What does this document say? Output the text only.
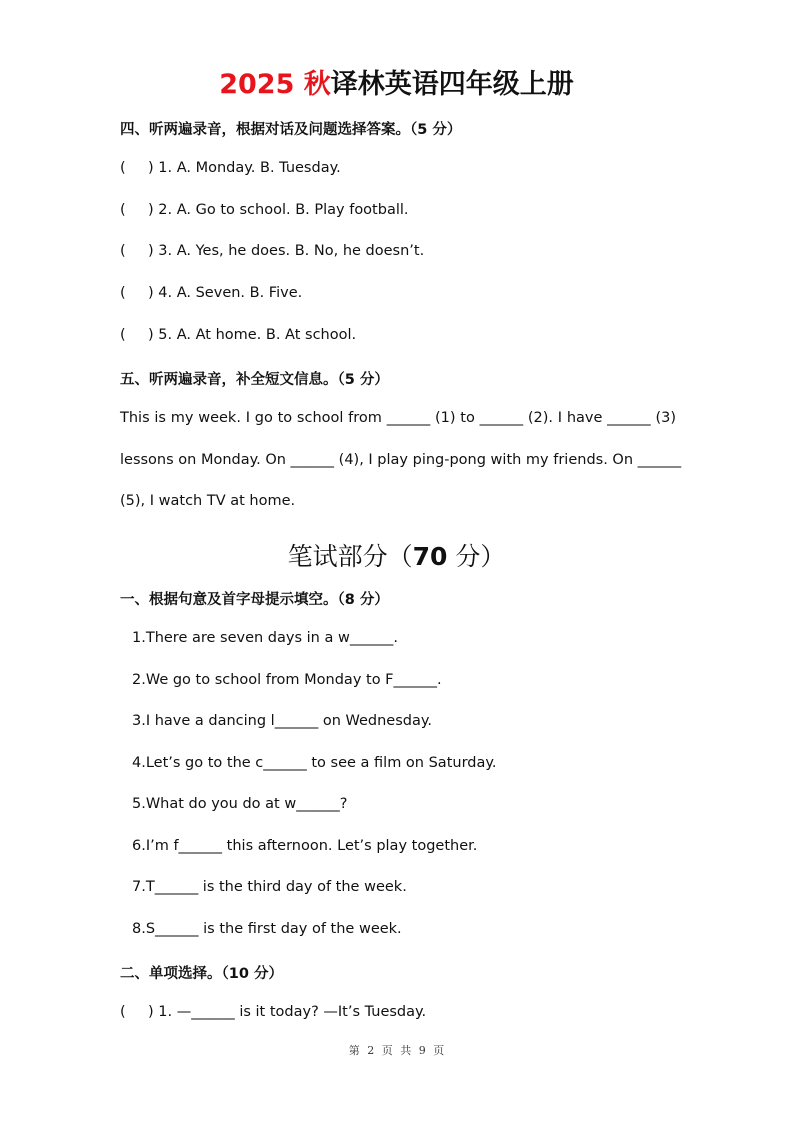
2025 秋译林英语四年级上册
四、听两遍录音，根据对话及问题选择答案。（5 分）
( ) 1. A. Monday. B. Tuesday.
( ) 2. A. Go to school. B. Play football.
( ) 3. A. Yes, he does. B. No, he doesn’t.
( ) 4. A. Seven. B. Five.
( ) 5. A. At home. B. At school.
五、听两遍录音，补全短文信息。（5 分）
This is my week. I go to school from ______ (1) to ______ (2). I have ______ (3)
lessons on Monday. On ______ (4), I play ping-pong with my friends. On ______
(5), I watch TV at home.
笔试部分（70 分）
一、根据句意及首字母提示填空。（8 分）
1.There are seven days in a w______.
2.We go to school from Monday to F______.
3.I have a dancing l______ on Wednesday.
4.Let’s go to the c______ to see a film on Saturday.
5.What do you do at w______?
6.I’m f______ this afternoon. Let’s play together.
7.T______ is the third day of the week.
8.S______ is the first day of the week.
二、单项选择。（10 分）
( ) 1. —______ is it today? —It’s Tuesday.
第 2 页 共 9 页
